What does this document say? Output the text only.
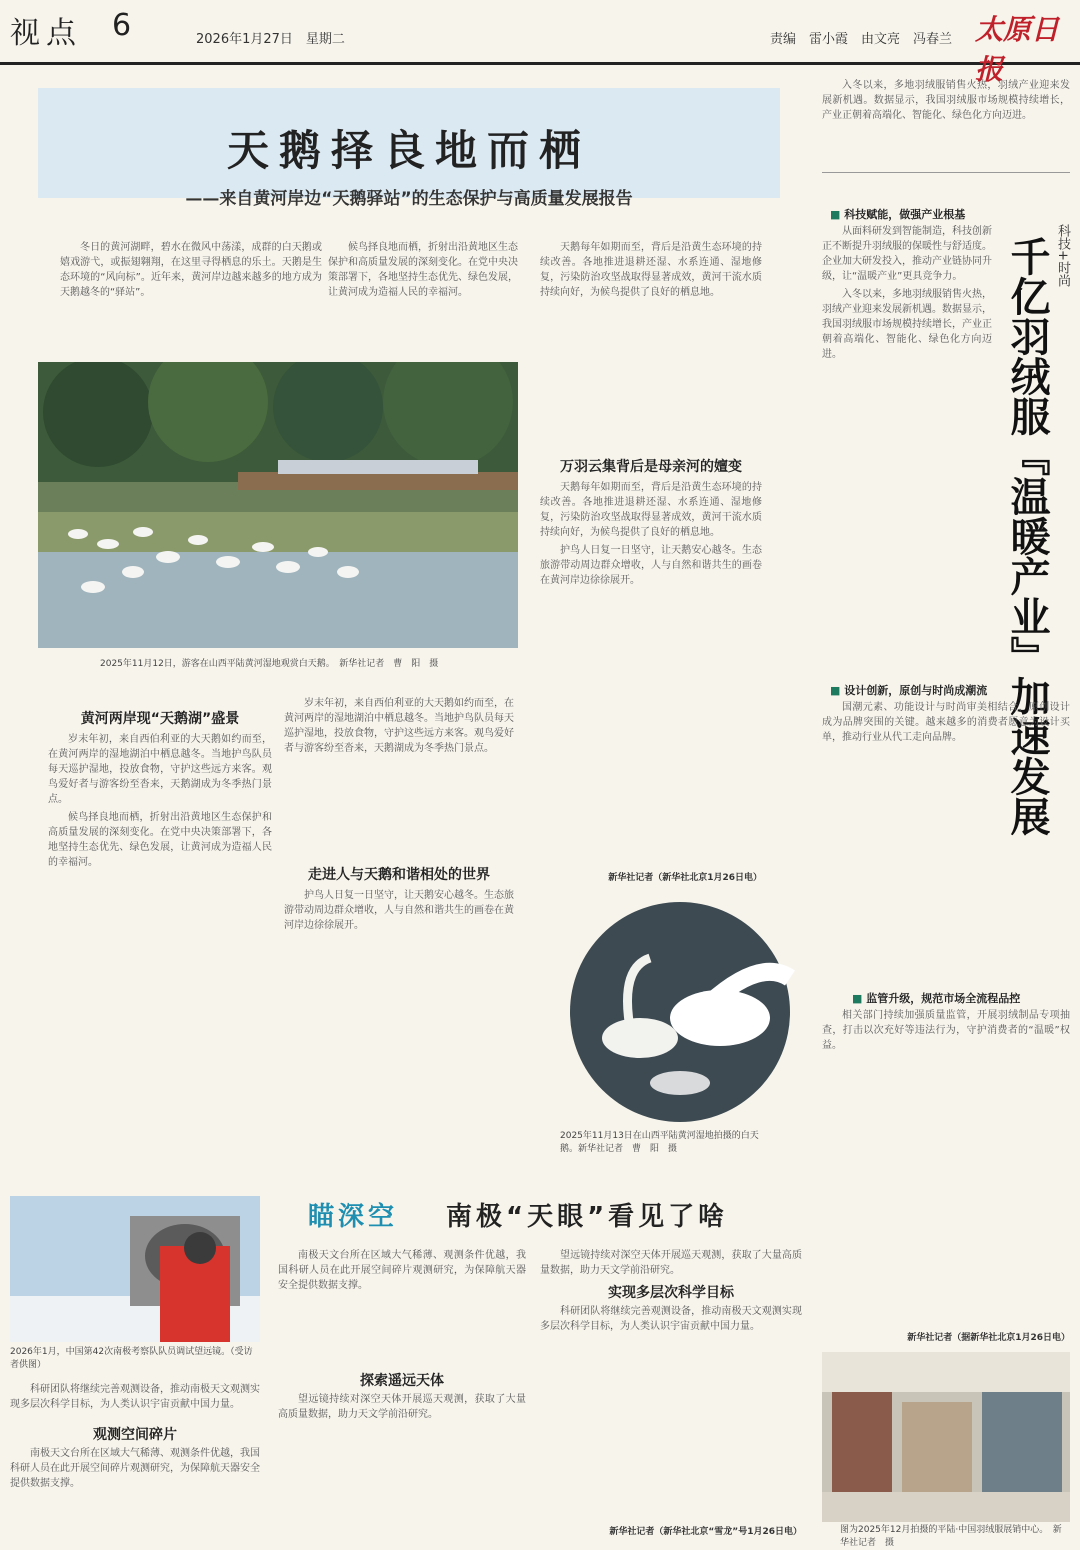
视点 6	2026年1月27日　星期二	责编　雷小霞　由文亮　冯春兰 太原日报
天鹅择良地而栖
——来自黄河岸边“天鹅驿站”的生态保护与高质量发展报告

冬日的黄河湖畔，碧水在微风中荡漾，成群的白天鹅或嬉戏游弋，或振翅翱翔，在这里寻得栖息的乐土。天鹅是生态环境的“风向标”。近年来，黄河岸边越来越多的地方成为天鹅越冬的“驿站”。

候鸟择良地而栖，折射出沿黄地区生态保护和高质量发展的深刻变化。在党中央决策部署下，各地坚持生态优先、绿色发展，让黄河成为造福人民的幸福河。

2025年11月12日，游客在山西平陆黄河湿地观赏白天鹅。　新华社记者　曹　阳　摄

天鹅每年如期而至，背后是沿黄生态环境的持续改善。各地推进退耕还湿、水系连通、湿地修复，污染防治攻坚战取得显著成效，黄河干流水质持续向好，为候鸟提供了良好的栖息地。

万羽云集背后是母亲河的嬗变

天鹅每年如期而至，背后是沿黄生态环境的持续改善。各地推进退耕还湿、水系连通、湿地修复，污染防治攻坚战取得显著成效，黄河干流水质持续向好，为候鸟提供了良好的栖息地。

护鸟人日复一日坚守，让天鹅安心越冬。生态旅游带动周边群众增收，人与自然和谐共生的画卷在黄河岸边徐徐展开。

新华社记者（新华社北京1月26日电）
黄河两岸现“天鹅湖”盛景

岁末年初，来自西伯利亚的大天鹅如约而至，在黄河两岸的湿地湖泊中栖息越冬。当地护鸟队员每天巡护湿地，投放食物，守护这些远方来客。观鸟爱好者与游客纷至沓来，天鹅湖成为冬季热门景点。

候鸟择良地而栖，折射出沿黄地区生态保护和高质量发展的深刻变化。在党中央决策部署下，各地坚持生态优先、绿色发展，让黄河成为造福人民的幸福河。

岁末年初，来自西伯利亚的大天鹅如约而至，在黄河两岸的湿地湖泊中栖息越冬。当地护鸟队员每天巡护湿地，投放食物，守护这些远方来客。观鸟爱好者与游客纷至沓来，天鹅湖成为冬季热门景点。

走进人与天鹅和谐相处的世界

护鸟人日复一日坚守，让天鹅安心越冬。生态旅游带动周边群众增收，人与自然和谐共生的画卷在黄河岸边徐徐展开。

2025年11月13日在山西平陆黄河湿地拍摄的白天鹅。新华社记者　曹　阳　摄

入冬以来，多地羽绒服销售火热，羽绒产业迎来发展新机遇。数据显示，我国羽绒服市场规模持续增长，产业正朝着高端化、智能化、绿色化方向迈进。

科技+时尚
千亿羽绒服『温暖产业』加速发展
■ 科技赋能，做强产业根基

从面料研发到智能制造，科技创新正不断提升羽绒服的保暖性与舒适度。企业加大研发投入，推动产业链协同升级，让“温暖产业”更具竞争力。

入冬以来，多地羽绒服销售火热，羽绒产业迎来发展新机遇。数据显示，我国羽绒服市场规模持续增长，产业正朝着高端化、智能化、绿色化方向迈进。

■ 设计创新，原创与时尚成潮流

国潮元素、功能设计与时尚审美相结合，原创设计成为品牌突围的关键。越来越多的消费者愿意为设计买单，推动行业从代工走向品牌。

■ 监管升级，规范市场全流程品控

相关部门持续加强质量监管，开展羽绒制品专项抽查，打击以次充好等违法行为，守护消费者的“温暖”权益。

新华社记者（据新华社北京1月26日电）
图为2025年12月拍摄的平陆·中国羽绒服展销中心。　新华社记者　摄
瞄深空 南极“天眼”看见了啥
2026年1月，中国第42次南极考察队队员调试望远镜。（受访者供图）

科研团队将继续完善观测设备，推动南极天文观测实现多层次科学目标，为人类认识宇宙贡献中国力量。

观测空间碎片

南极天文台所在区域大气稀薄、观测条件优越，我国科研人员在此开展空间碎片观测研究，为保障航天器安全提供数据支撑。

南极天文台所在区域大气稀薄、观测条件优越，我国科研人员在此开展空间碎片观测研究，为保障航天器安全提供数据支撑。

探索遥远天体

望远镜持续对深空天体开展巡天观测，获取了大量高质量数据，助力天文学前沿研究。

望远镜持续对深空天体开展巡天观测，获取了大量高质量数据，助力天文学前沿研究。

实现多层次科学目标

科研团队将继续完善观测设备，推动南极天文观测实现多层次科学目标，为人类认识宇宙贡献中国力量。

新华社记者（新华社北京“雪龙”号1月26日电）
